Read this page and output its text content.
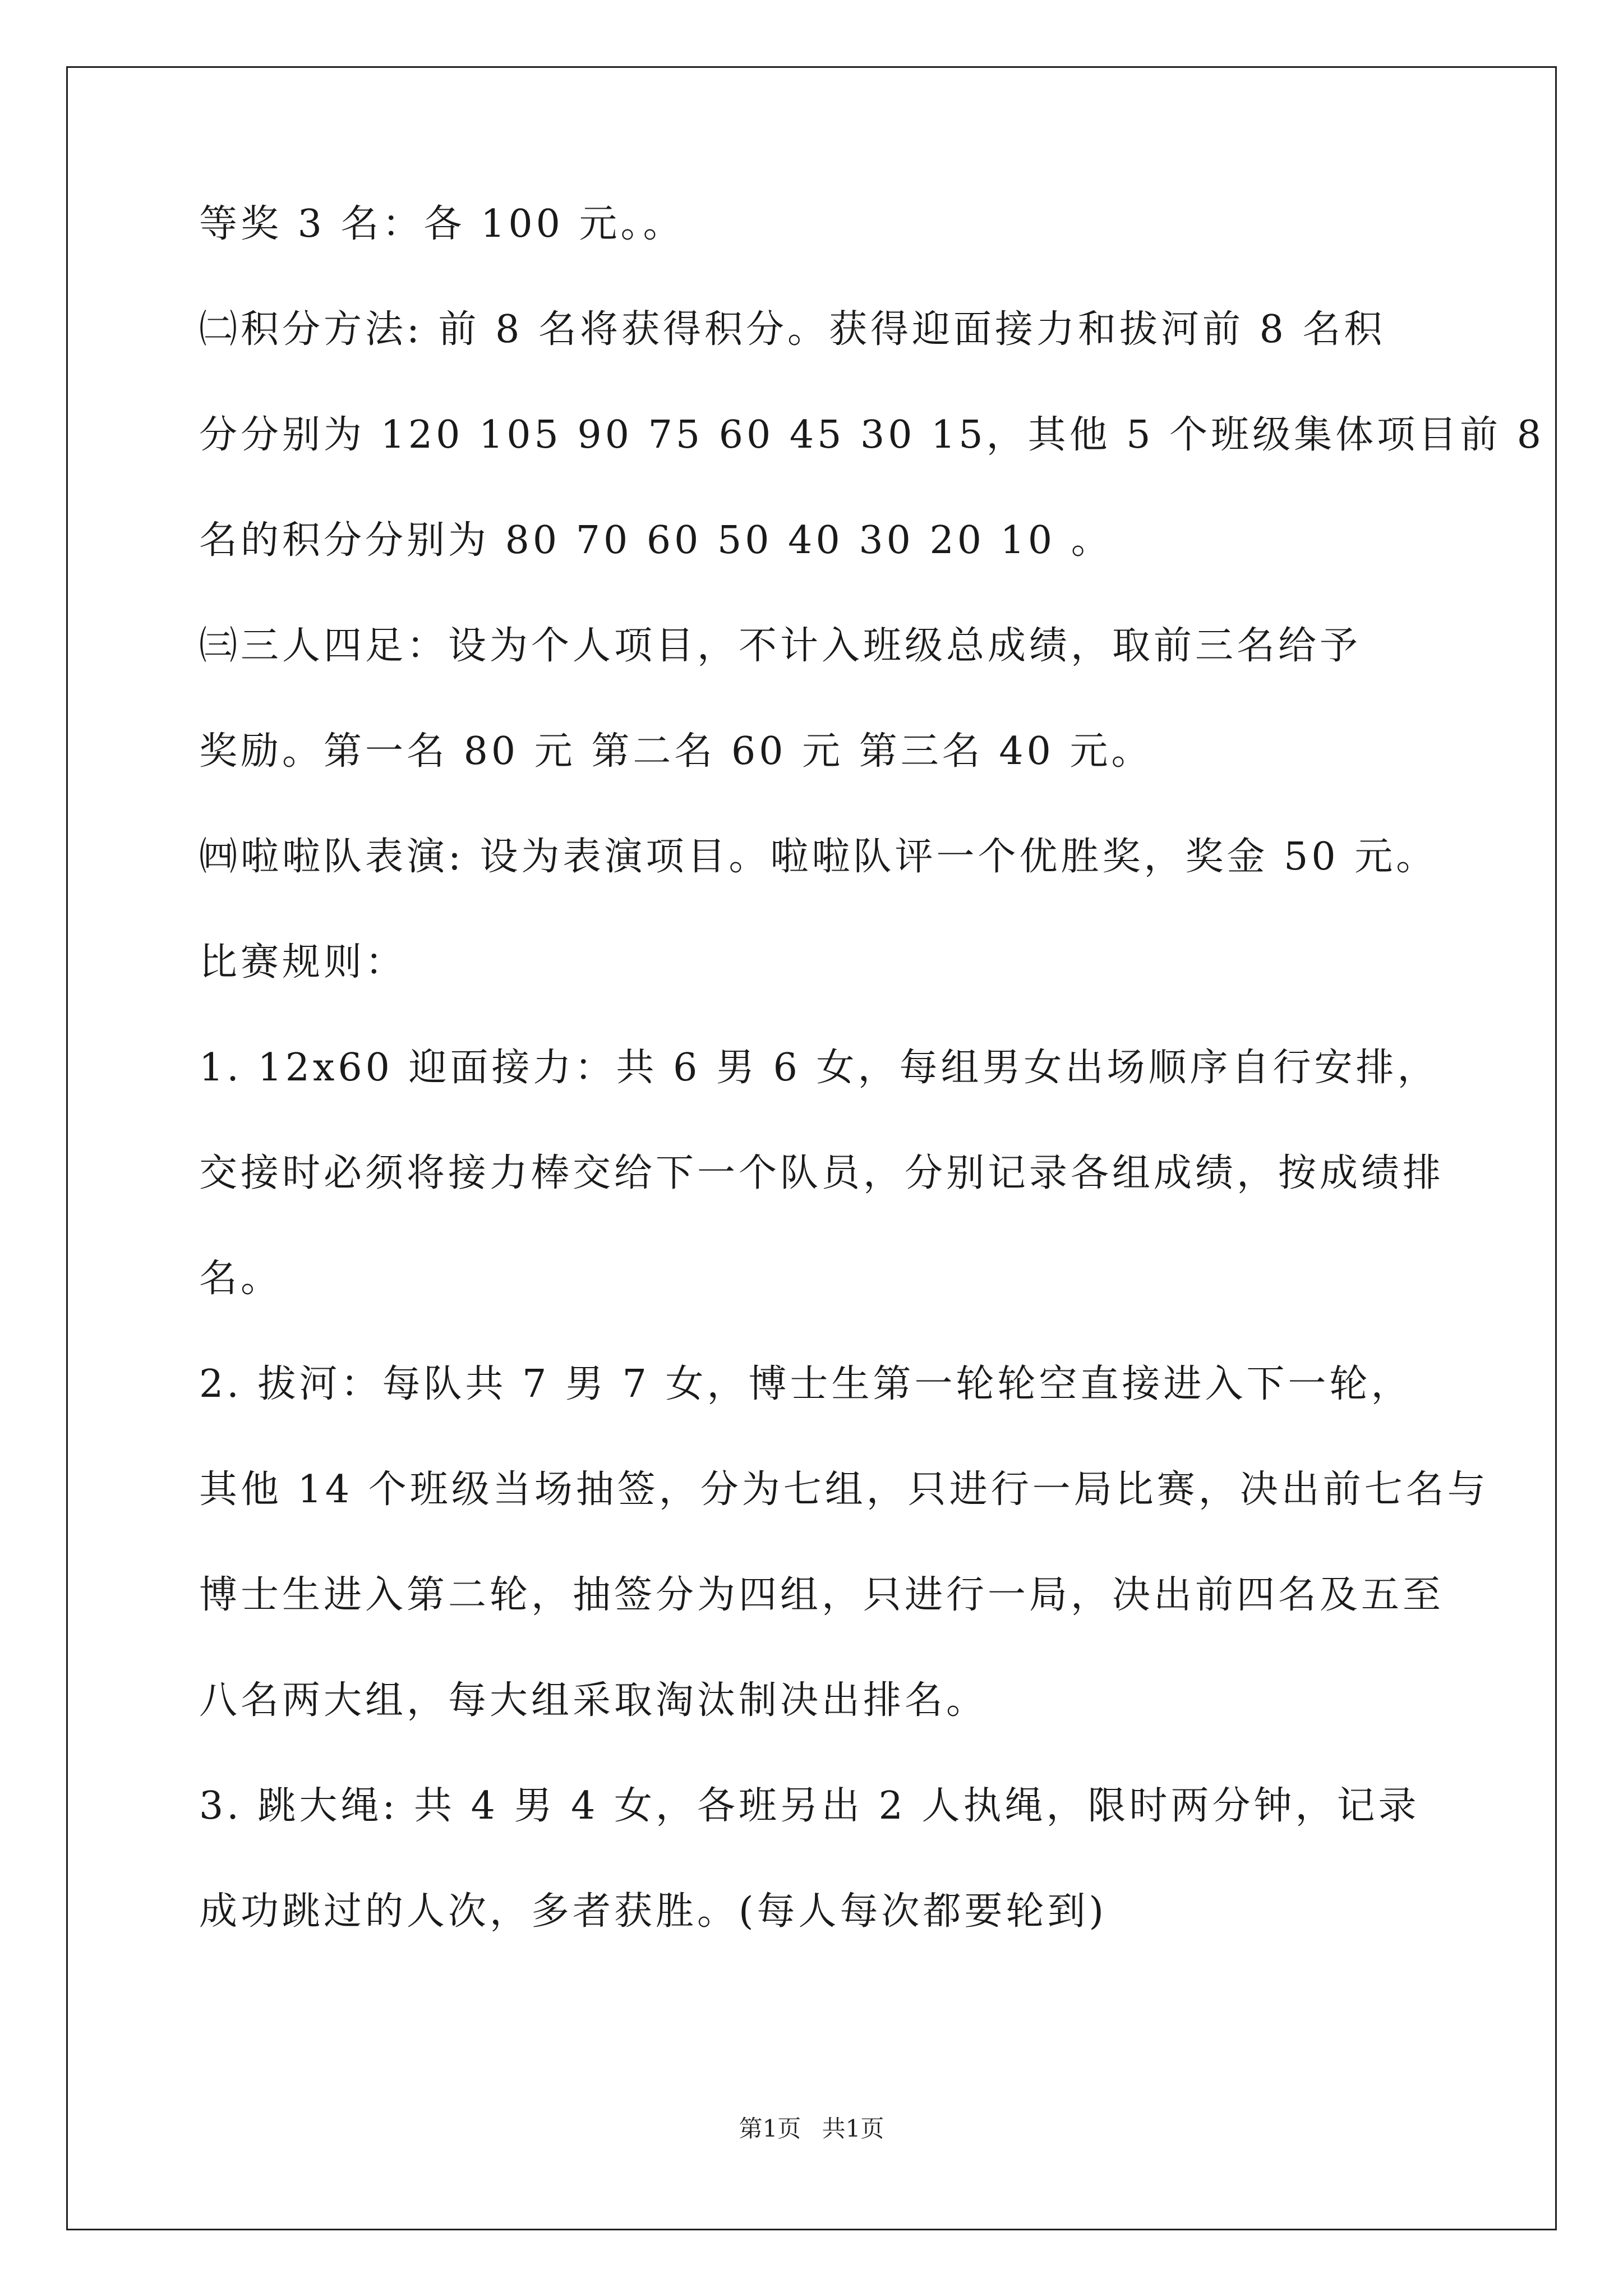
等奖 3 名：各 100 元。。
㈡积分方法: 前 8 名将获得积分。获得迎面接力和拔河前 8 名积
分分别为 120 105 90 75 60 45 30 15，其他 5 个班级集体项目前 8
名的积分分别为 80 70 60 50 40 30 20 10 。
㈢三人四足：设为个人项目，不计入班级总成绩，取前三名给予
奖励。第一名 80 元 第二名 60 元 第三名 40 元。
㈣啦啦队表演: 设为表演项目。啦啦队评一个优胜奖，奖金 50 元。
比赛规则：
1. 12x60 迎面接力：共 6 男 6 女，每组男女出场顺序自行安排，
交接时必须将接力棒交给下一个队员，分别记录各组成绩，按成绩排
名。
2. 拔河：每队共 7 男 7 女，博士生第一轮轮空直接进入下一轮，
其他 14 个班级当场抽签，分为七组，只进行一局比赛，决出前七名与
博士生进入第二轮，抽签分为四组，只进行一局，决出前四名及五至
八名两大组，每大组采取淘汰制决出排名。
3. 跳大绳: 共 4 男 4 女，各班另出 2 人执绳，限时两分钟，记录
成功跳过的人次，多者获胜。(每人每次都要轮到)
第1页 共1页
